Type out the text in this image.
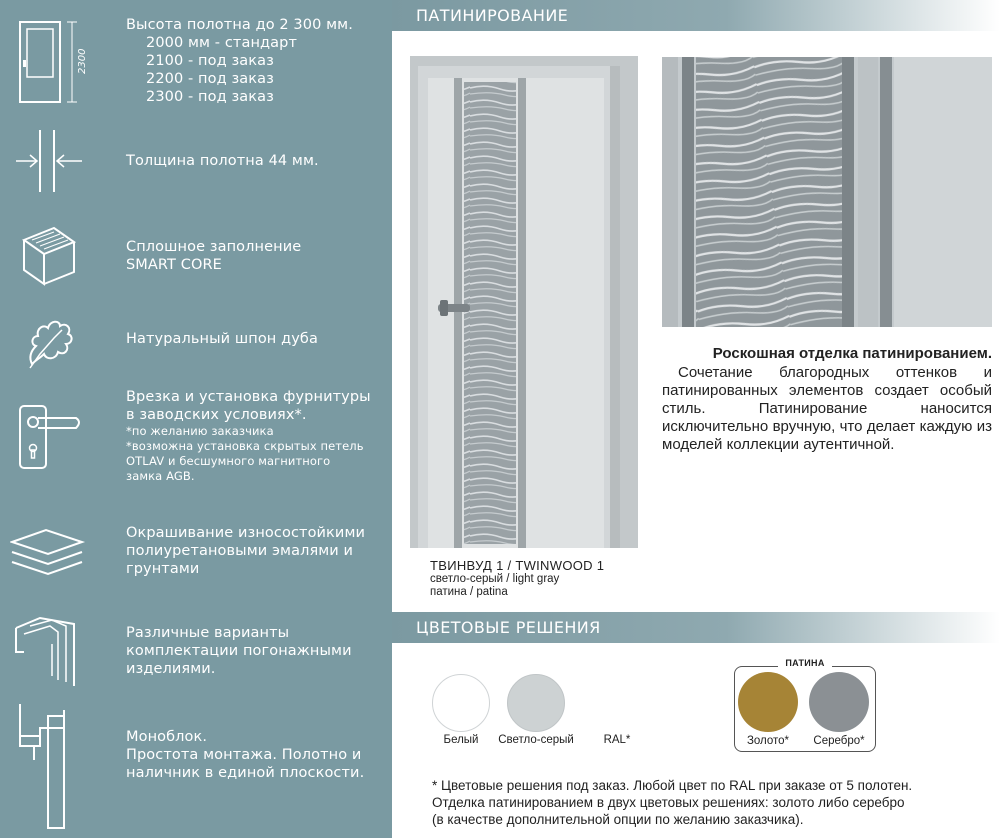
2300
Высота полотна до 2 300 мм.
2000 мм - стандарт
2100 - под заказ
2200 - под заказ
2300 - под заказ
Толщина полотна 44 мм.
Сплошное заполнение
SMART CORE
Натуральный шпон дуба
Врезка и установка фурнитуры
в заводских условиях*.
*по желанию заказчика
*возможна установка скрытых петель
OTLAV и бесшумного магнитного
замка AGB.
Окрашивание износостойкими
полиуретановыми эмалями и
грунтами
Различные варианты
комплектации погонажными
изделиями.
Моноблок.
Простота монтажа. Полотно и
наличник в единой плоскости.
ПАТИНИРОВАНИЕ
ТВИНВУД 1 / TWINWOOD 1
светло-серый / light gray
патина / patina
Роскошная отделка патинированием.
Сочетание благородных оттенков и патинированных элементов создает особый стиль. Патинирование наносится исключительно вручную, что делает каждую из моделей коллекции аутентичной.
ЦВЕТОВЫЕ РЕШЕНИЯ
Белый	Светло-серый	RAL*
ПАТИНА
Золото*	Серебро*
* Цветовые решения под заказ. Любой цвет по RAL при заказе от 5 полотен.
Отделка патинированием в двух цветовых решениях: золото либо серебро
(в качестве дополнительной опции по желанию заказчика).
